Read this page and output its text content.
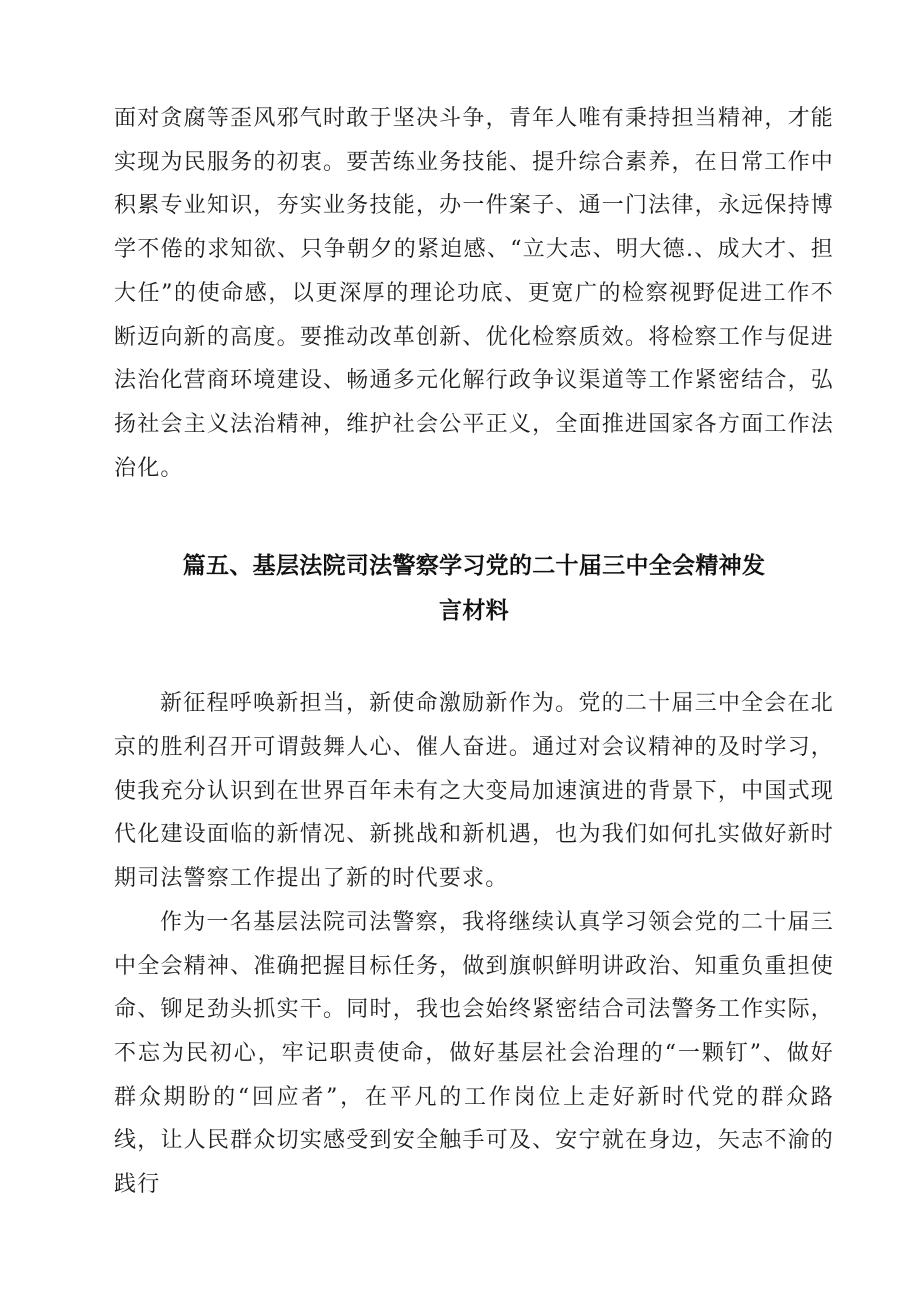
面对贪腐等歪风邪气时敢于坚决斗争，青年人唯有秉持担当精神，才能实现为民服务的初衷。要苦练业务技能、提升综合素养，在日常工作中积累专业知识，夯实业务技能，办一件案子、通一门法律，永远保持博学不倦的求知欲、只争朝夕的紧迫感、“立大志、明大德.、成大才、担大任”的使命感，以更深厚的理论功底、更宽广的检察视野促进工作不断迈向新的高度。要推动改革创新、优化检察质效。将检察工作与促进法治化营商环境建设、畅通多元化解行政争议渠道等工作紧密结合，弘扬社会主义法治精神，维护社会公平正义，全面推进国家各方面工作法治化。

篇五、基层法院司法警察学习党的二十届三中全会精神发
言材料

新征程呼唤新担当，新使命激励新作为。党的二十届三中全会在北京的胜利召开可谓鼓舞人心、催人奋进。通过对会议精神的及时学习，使我充分认识到在世界百年未有之大变局加速演进的背景下，中国式现代化建设面临的新情况、新挑战和新机遇，也为我们如何扎实做好新时期司法警察工作提出了新的时代要求。

作为一名基层法院司法警察，我将继续认真学习领会党的二十届三中全会精神、准确把握目标任务，做到旗帜鲜明讲政治、知重负重担使命、铆足劲头抓实干。同时，我也会始终紧密结合司法警务工作实际，不忘为民初心，牢记职责使命，做好基层社会治理的“一颗钉”、做好群众期盼的“回应者”，在平凡的工作岗位上走好新时代党的群众路线，让人民群众切实感受到安全触手可及、安宁就在身边，矢志不渝的践行
